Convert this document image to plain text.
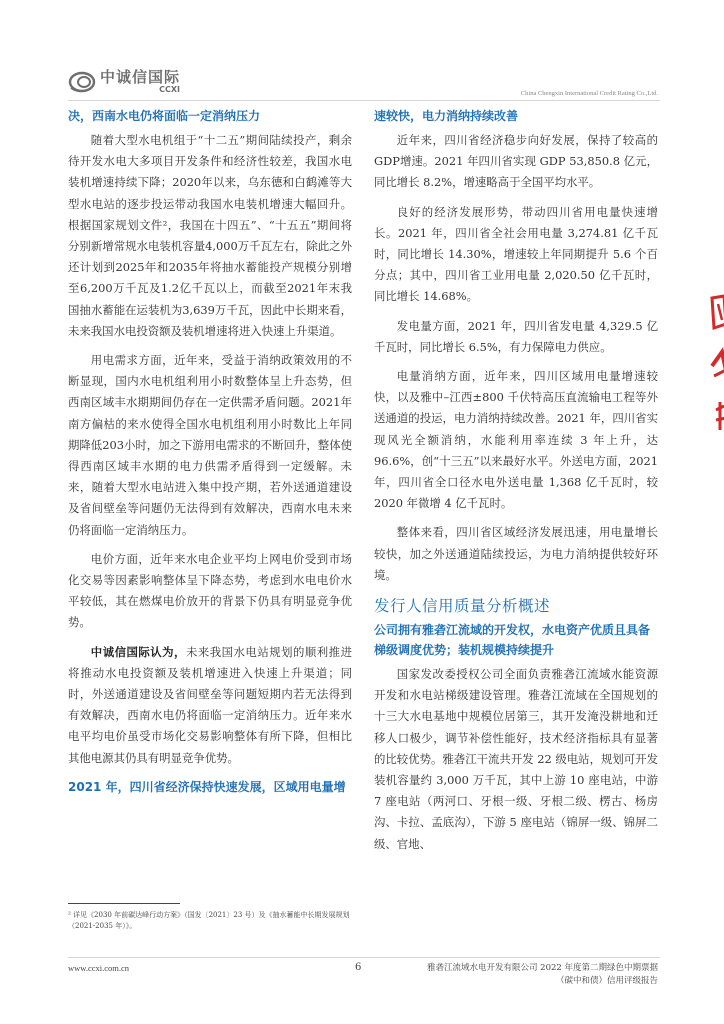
中诚信国际
CCXI	China Chengxin International Credit Rating Co.,Ltd.
决，西南水电仍将面临一定消纳压力

随着大型水电机组于“十二五”期间陆续投产，剩余待开发水电大多项目开发条件和经济性较差，我国水电装机增速持续下降；2020年以来，乌东德和白鹤滩等大型水电站的逐步投运带动我国水电装机增速大幅回升。根据国家规划文件²，我国在十四五”、“十五五”期间将分别新增常规水电装机容量4,000万千瓦左右，除此之外还计划到2025年和2035年将抽水蓄能投产规模分别增至6,200万千瓦及1.2亿千瓦以上，而截至2021年末我国抽水蓄能在运装机为3,639万千瓦，因此中长期来看，未来我国水电投资额及装机增速将进入快速上升渠道。

用电需求方面，近年来，受益于消纳政策效用的不断显现，国内水电机组利用小时数整体呈上升态势，但西南区域丰水期期间仍存在一定供需矛盾问题。2021年南方偏枯的来水使得全国水电机组利用小时数比上年同期降低203小时，加之下游用电需求的不断回升，整体使得西南区域丰水期的电力供需矛盾得到一定缓解。未来，随着大型水电站进入集中投产期，若外送通道建设及省间壁垒等问题仍无法得到有效解决，西南水电未来仍将面临一定消纳压力。

电价方面，近年来水电企业平均上网电价受到市场化交易等因素影响整体呈下降态势，考虑到水电电价水平较低，其在燃煤电价放开的背景下仍具有明显竞争优势。

中诚信国际认为，未来我国水电站规划的顺利推进将推动水电投资额及装机增速进入快速上升渠道；同时，外送通道建设及省间壁垒等问题短期内若无法得到有效解决，西南水电仍将面临一定消纳压力。近年来水电平均电价虽受市场化交易影响整体有所下降，但相比其他电源其仍具有明显竞争优势。

2021 年，四川省经济保持快速发展，区域用电量增
速较快，电力消纳持续改善

近年来，四川省经济稳步向好发展，保持了较高的GDP增速。2021 年四川省实现 GDP 53,850.8 亿元，同比增长 8.2%，增速略高于全国平均水平。

良好的经济发展形势，带动四川省用电量快速增长。2021 年，四川省全社会用电量 3,274.81 亿千瓦时，同比增长 14.30%，增速较上年同期提升 5.6 个百分点；其中，四川省工业用电量 2,020.50 亿千瓦时，同比增长 14.68%。

发电量方面，2021 年，四川省发电量 4,329.5 亿千瓦时，同比增长 6.5%，有力保障电力供应。

电量消纳方面，近年来，四川区域用电量增速较快，以及雅中–江西±800 千伏特高压直流输电工程等外送通道的投运，电力消纳持续改善。2021 年，四川省实现风光全额消纳，水能利用率连续 3 年上升，达 96.6%，创“十三五”以来最好水平。外送电方面，2021 年，四川省全口径水电外送电量 1,368 亿千瓦时，较 2020 年微增 4 亿千瓦时。

整体来看，四川省区域经济发展迅速，用电量增长较快，加之外送通道陆续投运，为电力消纳提供较好环境。

发行人信用质量分析概述
公司拥有雅砻江流域的开发权，水电资产优质且具备梯级调度优势；装机规模持续提升

国家发改委授权公司全面负责雅砻江流域水能资源开发和水电站梯级建设管理。雅砻江流域在全国规划的十三大水电基地中规模位居第三，其开发淹没耕地和迁移人口极少，调节补偿性能好，技术经济指标具有显著的比较优势。雅砻江干流共开发 22 级电站，规划可开发装机容量约 3,000 万千瓦，其中上游 10 座电站，中游 7 座电站（两河口、牙根一级、牙根二级、楞古、杨房沟、卡拉、孟底沟），下游 5 座电站（锦屏一级、锦屏二级、官地、

² 详见《2030 年前碳达峰行动方案》（国发〔2021〕23 号）及《抽水蓄能中长期发展规划（2021-2035 年）》。
www.ccxi.com.cn	6	雅砻江流域水电开发有限公司 2022 年度第二期绿色中期票据
（碳中和债）信用评级报告
